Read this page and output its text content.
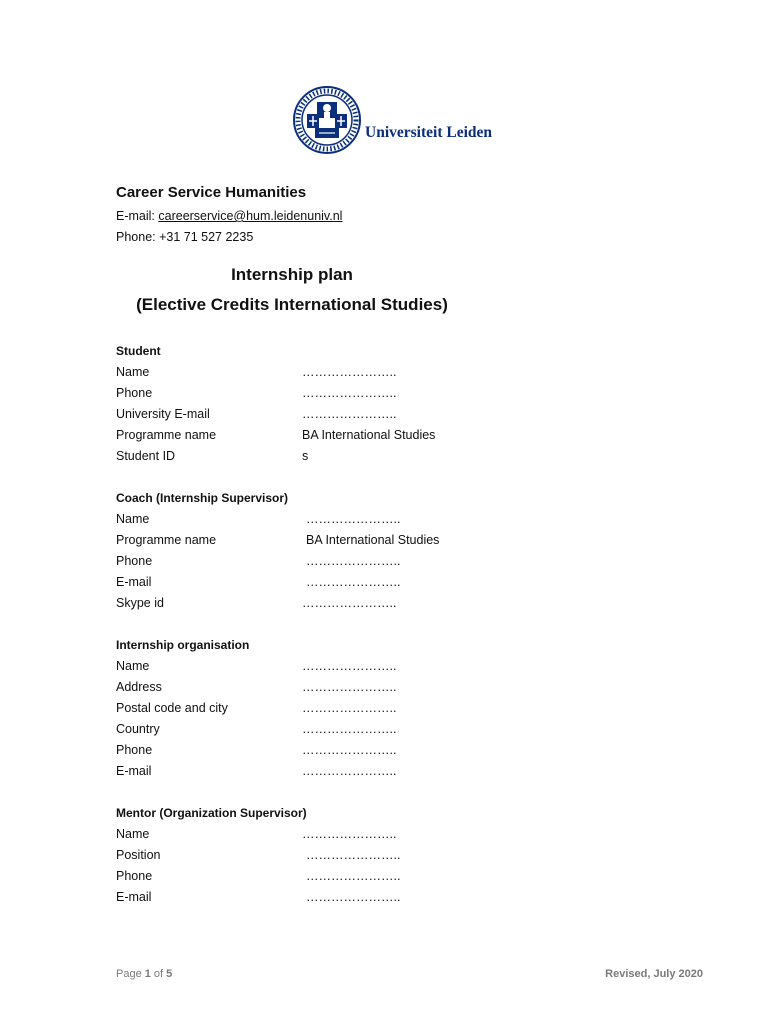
Universiteit Leiden
Career Service Humanities
E-mail: careerservice@hum.leidenuniv.nl
Phone: +31 71 527 2235
Internship plan
(Elective Credits International Studies)
Student
Name	…………………..
Phone	…………………..
University E-mail	…………………..
Programme name	BA International Studies
Student ID	s
Coach (Internship Supervisor)
Name	…………………..
Programme name	BA International Studies
Phone	…………………..
E-mail	…………………..
Skype id	…………………..
Internship organisation
Name	…………………..
Address	…………………..
Postal code and city	…………………..
Country	…………………..
Phone	…………………..
E-mail	…………………..
Mentor (Organization Supervisor)
Name	…………………..
Position	…………………..
Phone	…………………..
E-mail	…………………..
Page 1 of 5	Revised, July 2020
